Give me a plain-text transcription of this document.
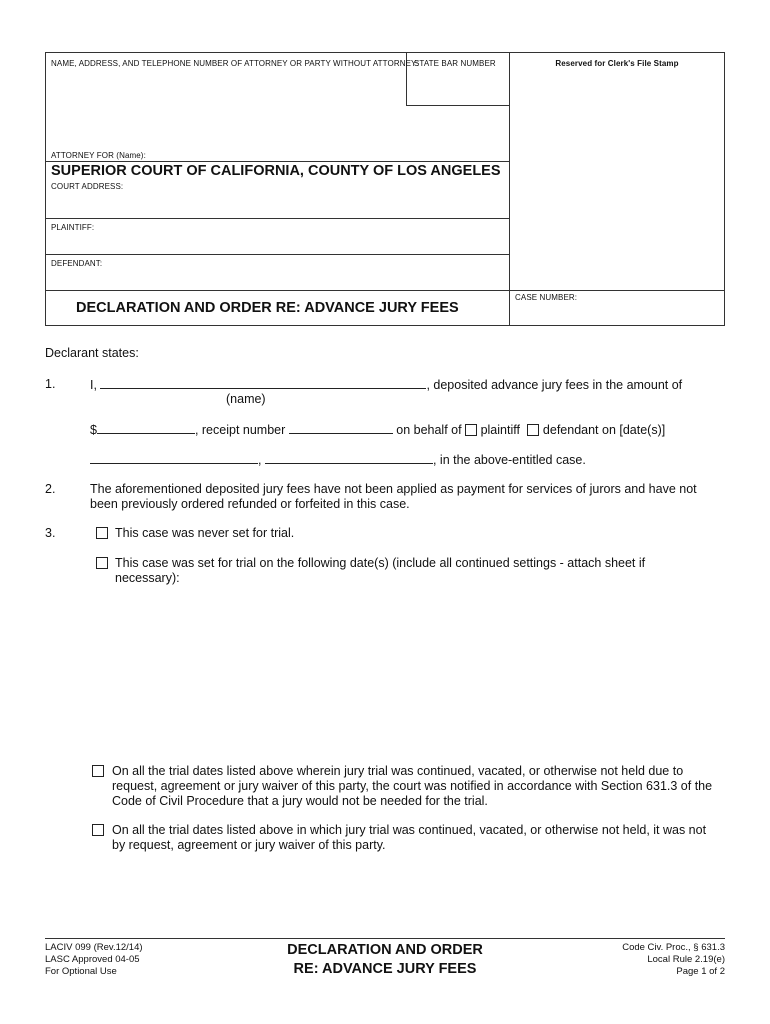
NAME, ADDRESS, AND TELEPHONE NUMBER OF ATTORNEY OR PARTY WITHOUT ATTORNEY:
STATE BAR NUMBER	Reserved for Clerk's File Stamp
ATTORNEY FOR (Name):
SUPERIOR COURT OF CALIFORNIA, COUNTY OF LOS ANGELES
COURT ADDRESS:
PLAINTIFF:
DEFENDANT:
DECLARATION AND ORDER RE: ADVANCE JURY FEES
CASE NUMBER:
Declarant states:
1.	I,	, deposited advance jury fees in the amount of
(name)
$	, receipt number	on behalf of plaintiff defendant on [date(s)]
,	, in the above-entitled case.
2.	The aforementioned deposited jury fees have not been applied as payment for services of jurors and have not been previously ordered refunded or forfeited in this case.
3.	This case was never set for trial.
This case was set for trial on the following date(s) (include all continued settings - attach sheet if necessary):
On all the trial dates listed above wherein jury trial was continued, vacated, or otherwise not held due to request, agreement or jury waiver of this party, the court was notified in accordance with Section 631.3 of the Code of Civil Procedure that a jury would not be needed for the trial.
On all the trial dates listed above in which jury trial was continued, vacated, or otherwise not held, it was not by request, agreement or jury waiver of this party.
LACIV 099 (Rev.12/14)
LASC Approved 04-05
For Optional Use
DECLARATION AND ORDER
RE: ADVANCE JURY FEES
Code Civ. Proc., § 631.3
Local Rule 2.19(e)
Page 1 of 2
